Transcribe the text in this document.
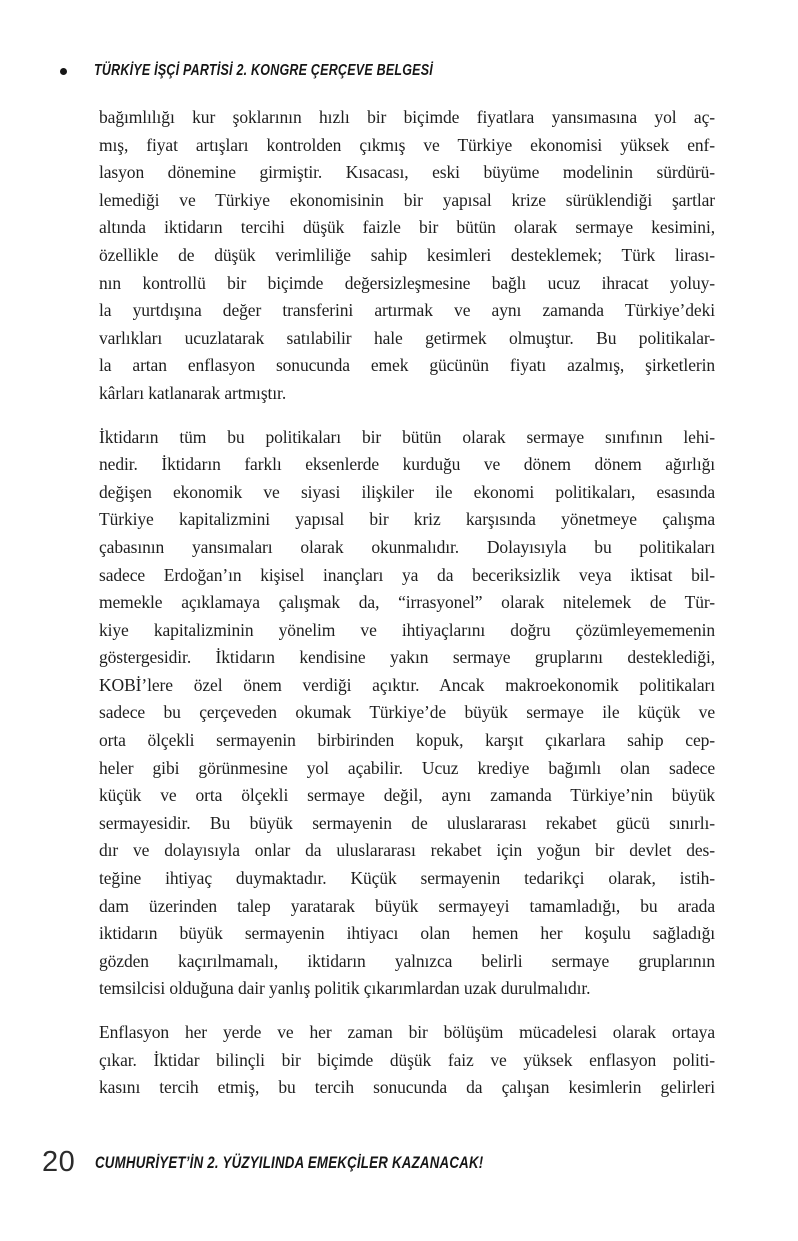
TÜRKİYE İŞÇİ PARTİSİ 2. KONGRE ÇERÇEVE BELGESİ
bağımlılığı kur şoklarının hızlı bir biçimde fiyatlara yansımasına yol aç-
mış, fiyat artışları kontrolden çıkmış ve Türkiye ekonomisi yüksek enf-
lasyon dönemine girmiştir. Kısacası, eski büyüme modelinin sürdürü-
lemediği ve Türkiye ekonomisinin bir yapısal krize sürüklendiği şartlar
altında iktidarın tercihi düşük faizle bir bütün olarak sermaye kesimini,
özellikle de düşük verimliliğe sahip kesimleri desteklemek; Türk lirası-
nın kontrollü bir biçimde değersizleşmesine bağlı ucuz ihracat yoluy-
la yurtdışına değer transferini artırmak ve aynı zamanda Türkiye’deki
varlıkları ucuzlatarak satılabilir hale getirmek olmuştur. Bu politikalar-
la artan enflasyon sonucunda emek gücünün fiyatı azalmış, şirketlerin
kârları katlanarak artmıştır.
İktidarın tüm bu politikaları bir bütün olarak sermaye sınıfının lehi-
nedir. İktidarın farklı eksenlerde kurduğu ve dönem dönem ağırlığı
değişen ekonomik ve siyasi ilişkiler ile ekonomi politikaları, esasında
Türkiye kapitalizmini yapısal bir kriz karşısında yönetmeye çalışma
çabasının yansımaları olarak okunmalıdır. Dolayısıyla bu politikaları
sadece Erdoğan’ın kişisel inançları ya da beceriksizlik veya iktisat bil-
memekle açıklamaya çalışmak da, “irrasyonel” olarak nitelemek de Tür-
kiye kapitalizminin yönelim ve ihtiyaçlarını doğru çözümleyememenin
göstergesidir. İktidarın kendisine yakın sermaye gruplarını desteklediği,
KOBİ’lere özel önem verdiği açıktır. Ancak makroekonomik politikaları
sadece bu çerçeveden okumak Türkiye’de büyük sermaye ile küçük ve
orta ölçekli sermayenin birbirinden kopuk, karşıt çıkarlara sahip cep-
heler gibi görünmesine yol açabilir. Ucuz krediye bağımlı olan sadece
küçük ve orta ölçekli sermaye değil, aynı zamanda Türkiye’nin büyük
sermayesidir. Bu büyük sermayenin de uluslararası rekabet gücü sınırlı-
dır ve dolayısıyla onlar da uluslararası rekabet için yoğun bir devlet des-
teğine ihtiyaç duymaktadır. Küçük sermayenin tedarikçi olarak, istih-
dam üzerinden talep yaratarak büyük sermayeyi tamamladığı, bu arada
iktidarın büyük sermayenin ihtiyacı olan hemen her koşulu sağladığı
gözden kaçırılmamalı, iktidarın yalnızca belirli sermaye gruplarının
temsilcisi olduğuna dair yanlış politik çıkarımlardan uzak durulmalıdır.
Enflasyon her yerde ve her zaman bir bölüşüm mücadelesi olarak ortaya
çıkar. İktidar bilinçli bir biçimde düşük faiz ve yüksek enflasyon politi-
kasını tercih etmiş, bu tercih sonucunda da çalışan kesimlerin gelirleri
20 CUMHURİYET’İN 2. YÜZYILINDA EMEKÇİLER KAZANACAK!
